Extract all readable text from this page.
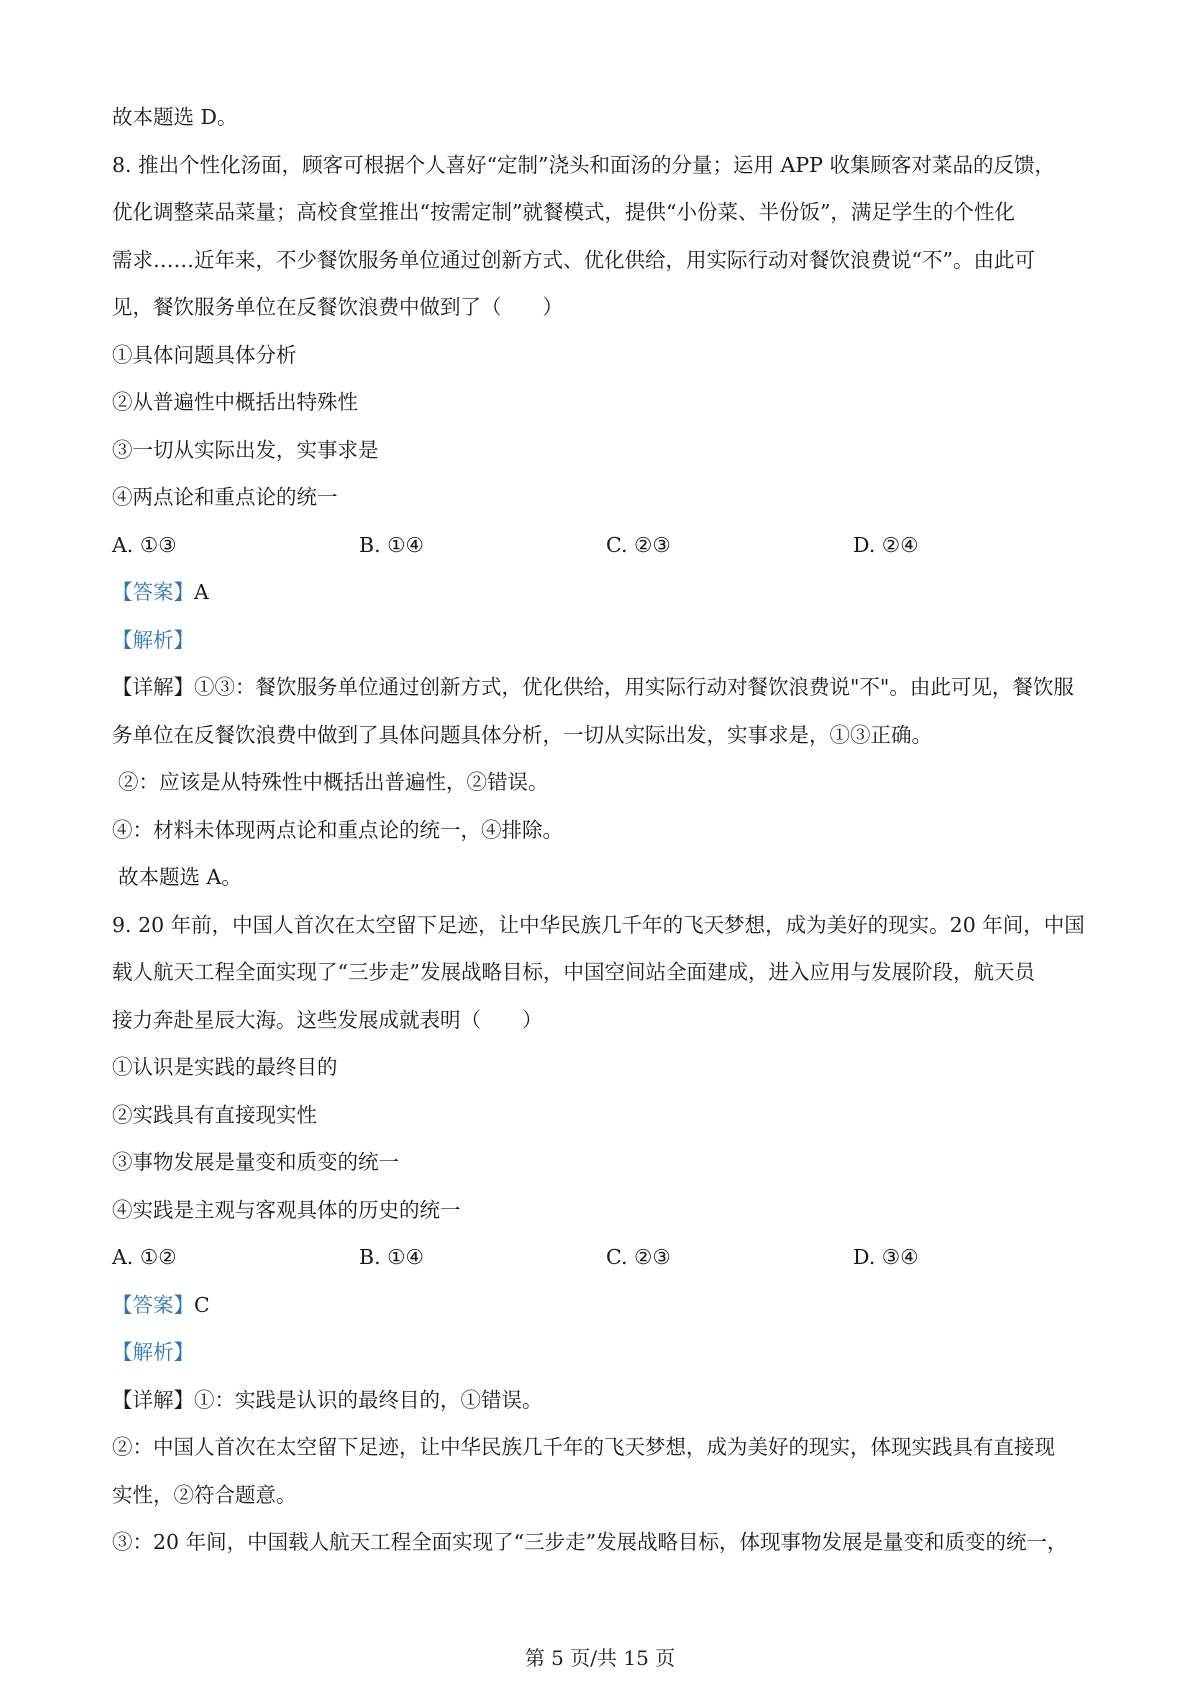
故本题选 D。
8. 推出个性化汤面，顾客可根据个人喜好“定制”浇头和面汤的分量；运用 APP 收集顾客对菜品的反馈，
优化调整菜品菜量；高校食堂推出“按需定制”就餐模式，提供“小份菜、半份饭”，满足学生的个性化
需求……近年来，不少餐饮服务单位通过创新方式、优化供给，用实际行动对餐饮浪费说“不”。由此可
见，餐饮服务单位在反餐饮浪费中做到了（　　）
①具体问题具体分析
②从普遍性中概括出特殊性
③一切从实际出发，实事求是
④两点论和重点论的统一
A. ①③	B. ①④	C. ②③	D. ②④
【答案】A
【解析】
【详解】①③：餐饮服务单位通过创新方式，优化供给，用实际行动对餐饮浪费说"不"。由此可见，餐饮服
务单位在反餐饮浪费中做到了具体问题具体分析，一切从实际出发，实事求是，①③正确。
②：应该是从特殊性中概括出普遍性，②错误。
④：材料未体现两点论和重点论的统一，④排除。
故本题选 A。
9. 20 年前，中国人首次在太空留下足迹，让中华民族几千年的飞天梦想，成为美好的现实。20 年间，中国
载人航天工程全面实现了“三步走”发展战略目标，中国空间站全面建成，进入应用与发展阶段，航天员
接力奔赴星辰大海。这些发展成就表明（　　）
①认识是实践的最终目的
②实践具有直接现实性
③事物发展是量变和质变的统一
④实践是主观与客观具体的历史的统一
A. ①②	B. ①④	C. ②③	D. ③④
【答案】C
【解析】
【详解】①：实践是认识的最终目的，①错误。
②：中国人首次在太空留下足迹，让中华民族几千年的飞天梦想，成为美好的现实，体现实践具有直接现
实性，②符合题意。
③：20 年间，中国载人航天工程全面实现了“三步走”发展战略目标，体现事物发展是量变和质变的统一，
第 5 页/共 15 页
